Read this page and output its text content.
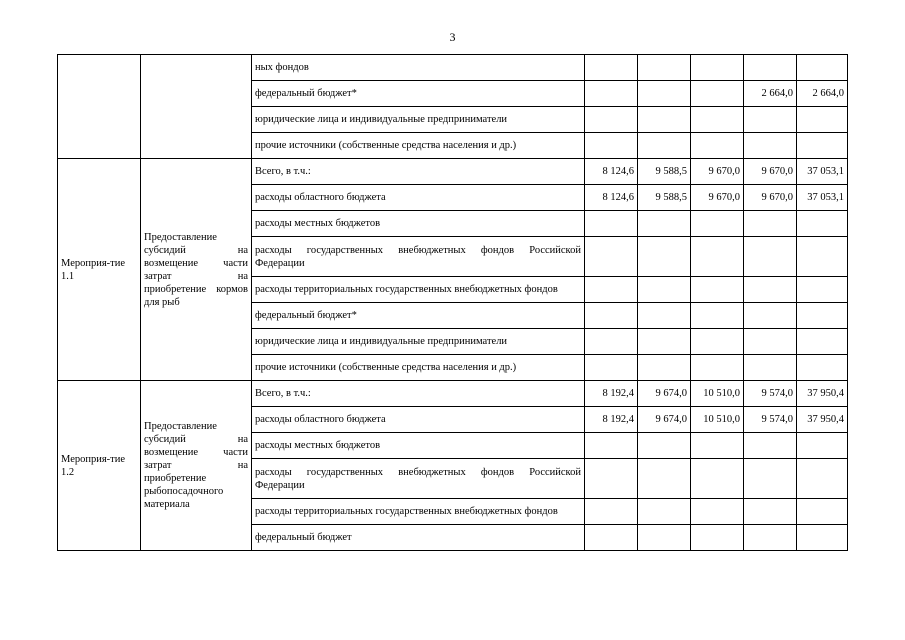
3
		ных фондов					
		федеральный бюджет*				2 664,0	2 664,0
		юридические лица и индивидуальные предприниматели					
		прочие источники (собственные средства населения и др.)					

Мероприя-тие 1.1	Предоставление субсидий на возмещение части затрат на приобретение кормов для рыб	Всего, в т.ч.:	8 124,6	9 588,5	9 670,0	9 670,0	37 053,1
		расходы областного бюджета	8 124,6	9 588,5	9 670,0	9 670,0	37 053,1
		расходы местных бюджетов					
		расходы государственных внебюджетных фондов Российской Федерации					
		расходы территориальных государственных внебюджетных фондов					
		федеральный бюджет*					
		юридические лица и индивидуальные предприниматели					
		прочие источники (собственные средства населения и др.)					

Мероприя-тие 1.2	Предоставление субсидий на возмещение части затрат на приобретение рыбопосадочного материала	Всего, в т.ч.:	8 192,4	9 674,0	10 510,0	9 574,0	37 950,4
		расходы областного бюджета	8 192,4	9 674,0	10 510,0	9 574,0	37 950,4
		расходы местных бюджетов					
		расходы государственных внебюджетных фондов Российской Федерации					
		расходы территориальных государственных внебюджетных фондов					
		федеральный бюджет					
